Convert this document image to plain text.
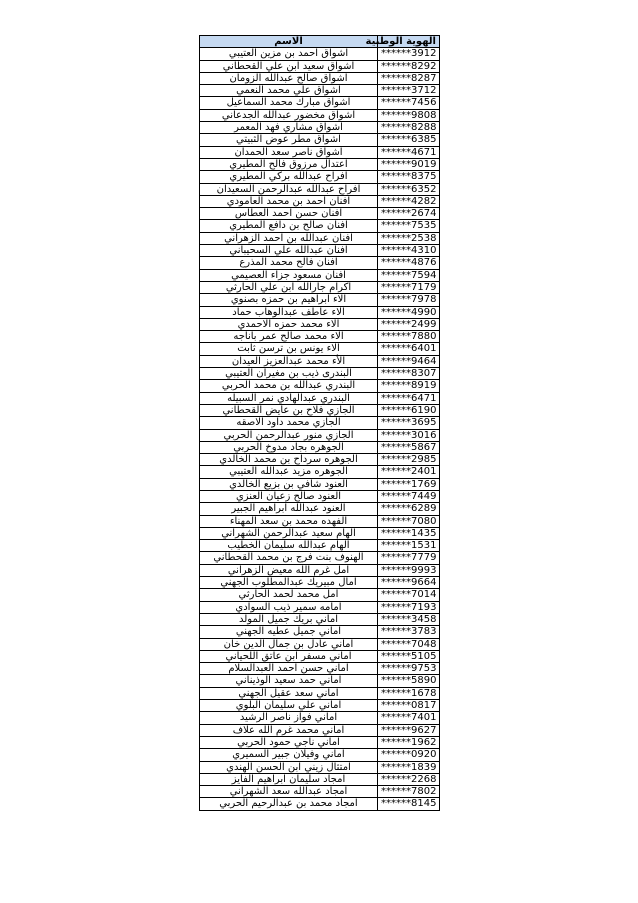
الهوية الوطنية	الاسم
******3912	اشواق احمد بن مزين العتيبي
******8292	اشواق سعيد ابن علي القحطاني
******8287	اشواق صالح عبدالله الزومان
******3712	اشواق علي محمد النعمي
******7456	اشواق مبارك محمد السماعيل
******9808	اشواق مخضور عبدالله الجدعاني
******8288	اشواق مشاري فهد المعمر
******6385	اشواق مطر عوض الثبيتي
******4671	اشواق ناصر سعد الحمدان
******9019	اعتدال مرزوق فالح المطيري
******8375	افراح عبدالله بركي المطيري
******6352	افراح عبدالله عبدالرحمن السعيدان
******4282	افنان احمد بن محمد العامودي
******2674	افنان حسن احمد العطاس
******7535	افنان صالح بن دافع المطيري
******2538	افنان عبدالله بن احمد الزهراني
******4310	افنان عبدالله علي السحيباني
******4876	افنان فالح محمد المذرع
******7594	افنان مسعود جزاء العصيمي
******7179	اكرام جارالله ابن علي الحارثي
******7978	الاء ابراهيم بن حمزه بصنوي
******4990	الاء عاطف عبدالوهاب حماد
******2499	الاء محمد حمزه الاحمدي
******7880	الاء محمد صالح عمر باناجه
******6401	الاء يونس بن ترسن ثابت
******9464	الأء محمد عبدالعزيز العيدان
******8307	البندرى ذيب بن مغيران العتيبي
******8919	البندري عبدالله بن محمد الحربي
******6471	البندري عبدالهادي نمر السبيله
******6190	الجازي فلاح بن عايض القحطاني
******3695	الجازي محمد داود الاصقه
******3016	الجازي منور عبدالرحمن الحربي
******5867	الجوهره بجاد مدوخ الحربي
******2985	الجوهره سرداح بن محمد الخالدي
******2401	الجوهره مزيد عبدالله العتيبي
******1769	العنود شافي بن بزيع الخالدي
******7449	العنود صالح زعيان العنزي
******6289	العنود عبدالله ابراهيم الجبير
******7080	الفهده محمد بن سعد المهناء
******1435	الهام سعيد عبدالرحمن الشهراني
******1531	الهام عبدالله سليمان الخطيب
******7779	الهنوف بنت فرج بن محمد القحطاني
******9993	امل غرم الله معيض الزهراني
******9664	امال مبيريك عبدالمطلوب الجهني
******7014	امل محمد لحمد الحارثي
******7193	امامه سمير ذيب السوادي
******3458	اماني بريك جميل المولد
******3783	اماني جميل عطيه الجهني
******7048	اماني عادل بن جمال الدين خان
******5105	اماني مسفر ابن عاتق اللحياني
******9753	اماني حسن احمد العبدالسلام
******5890	اماني حمد سعيد الوذيناني
******1678	اماني سعد عقيل الجهني
******0817	اماني علي سليمان البلوي
******7401	اماني فواز ناصر الرشيد
******9627	اماني محمد غرم الله علاف
******1962	اماني ناجي حمود الحربي
******0920	اماني وفيلان جبير السميري
******1839	امتثال زيني ابن الحسن الهندي
******2268	امجاد سليمان ابراهيم الفايز
******7802	امجاد عبدالله سعد الشهراني
******8145	امجاد محمد بن عبدالرحيم الحربي
